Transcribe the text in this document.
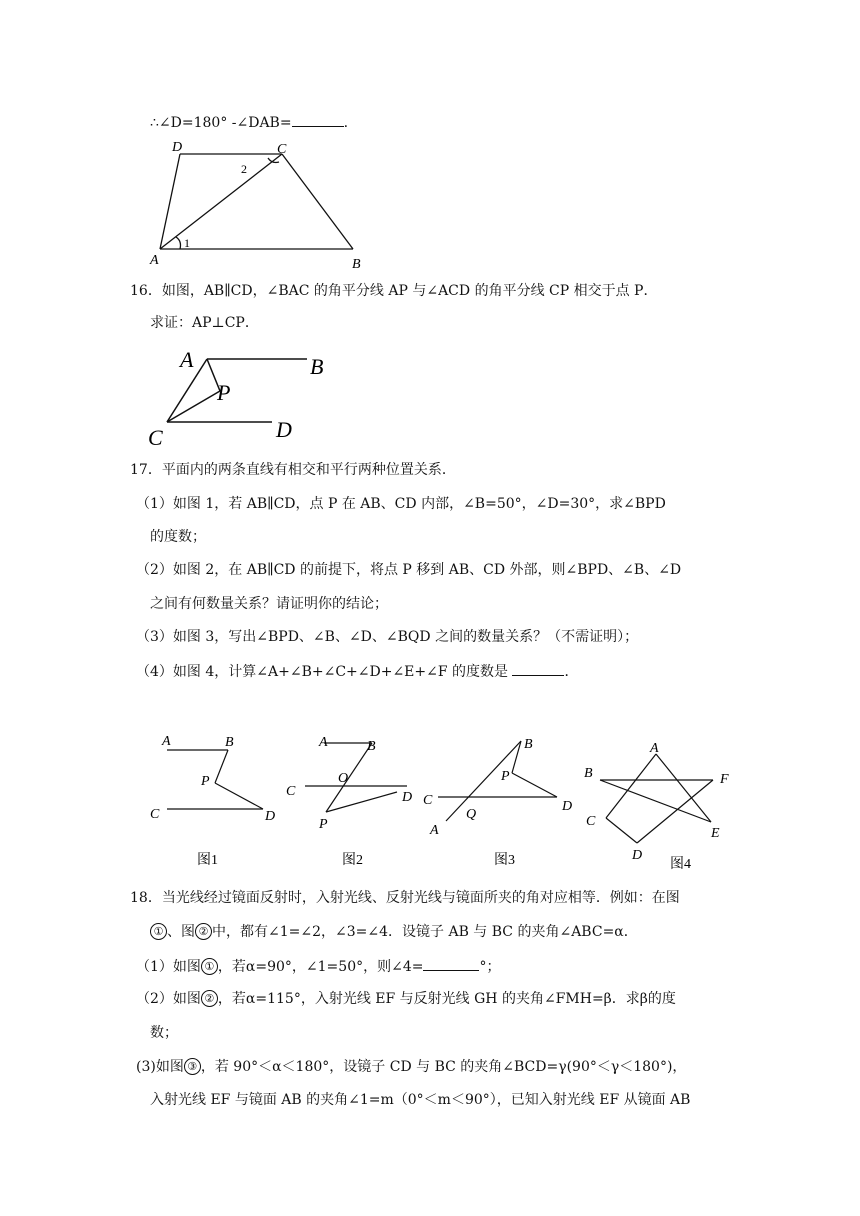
∴∠D=180° -∠DAB=	.
D	C
A	B
1
2
16．如图，AB∥CD，∠BAC 的角平分线 AP 与∠ACD 的角平分线 CP 相交于点 P．
求证：AP⊥CP．
A	B
P
C	D
17．平面内的两条直线有相交和平行两种位置关系．
（1）如图 1，若 AB∥CD，点 P 在 AB、CD 内部，∠B=50°，∠D=30°，求∠BPD
的度数；
（2）如图 2，在 AB∥CD 的前提下，将点 P 移到 AB、CD 外部，则∠BPD、∠B、∠D
之间有何数量关系？请证明你的结论；
（3）如图 3，写出∠BPD、∠B、∠D、∠BQD 之间的数量关系？（不需证明）；
（4）如图 4，计算∠A+∠B+∠C+∠D+∠E+∠F 的度数是	．
A	B
P
C	D
图1
A	B
O
C	D
P
图2
B
P
C
Q
D
A
图3
A
B	F
C
E
D
图4
18．当光线经过镜面反射时，入射光线、反射光线与镜面所夹的角对应相等．例如：在图
① 、图 ② 中，都有∠1=∠2，∠3=∠4．设镜子 AB 与 BC 的夹角∠ABC=α．
（1）如图 ① ，若α=90°，∠1=50°，则∠4=	°；
（2）如图 ② ，若α=115°，入射光线 EF 与反射光线 GH 的夹角∠FMH=β．求β的度
数；
(3)如图 ③ ，若 90°＜α＜180°，设镜子 CD 与 BC 的夹角∠BCD=γ(90°＜γ＜180°)，
入射光线 EF 与镜面 AB 的夹角∠1=m（0°＜m＜90°），已知入射光线 EF 从镜面 AB
